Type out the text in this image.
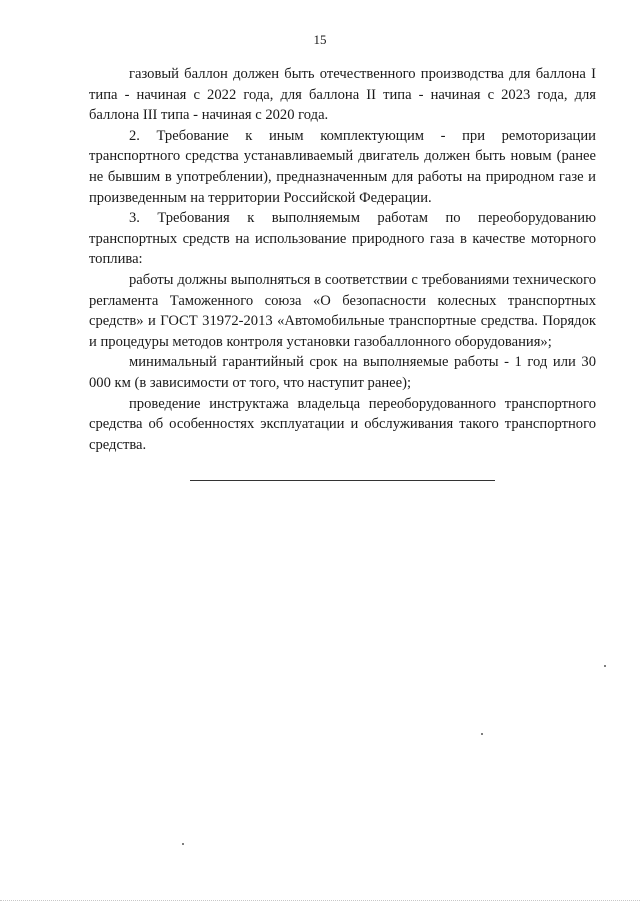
15

газовый баллон должен быть отечественного производства для баллона I типа - начиная с 2022 года, для баллона II типа - начиная с 2023 года, для баллона III типа - начиная с 2020 года.

2. Требование к иным комплектующим - при ремоторизации транспортного средства устанавливаемый двигатель должен быть новым (ранее не бывшим в употреблении), предназначенным для работы на природном газе и произведенным на территории Российской Федерации.

3. Требования к выполняемым работам по переоборудованию транспортных средств на использование природного газа в качестве моторного топлива:

работы должны выполняться в соответствии с требованиями технического регламента Таможенного союза «О безопасности колесных транспортных средств» и ГОСТ 31972-2013 «Автомобильные транспортные средства. Порядок и процедуры методов контроля установки газобаллонного оборудования»;

минимальный гарантийный срок на выполняемые работы - 1 год или 30 000 км (в зависимости от того, что наступит ранее);

проведение инструктажа владельца переоборудованного транспортного средства об особенностях эксплуатации и обслуживания такого транспортного средства.
